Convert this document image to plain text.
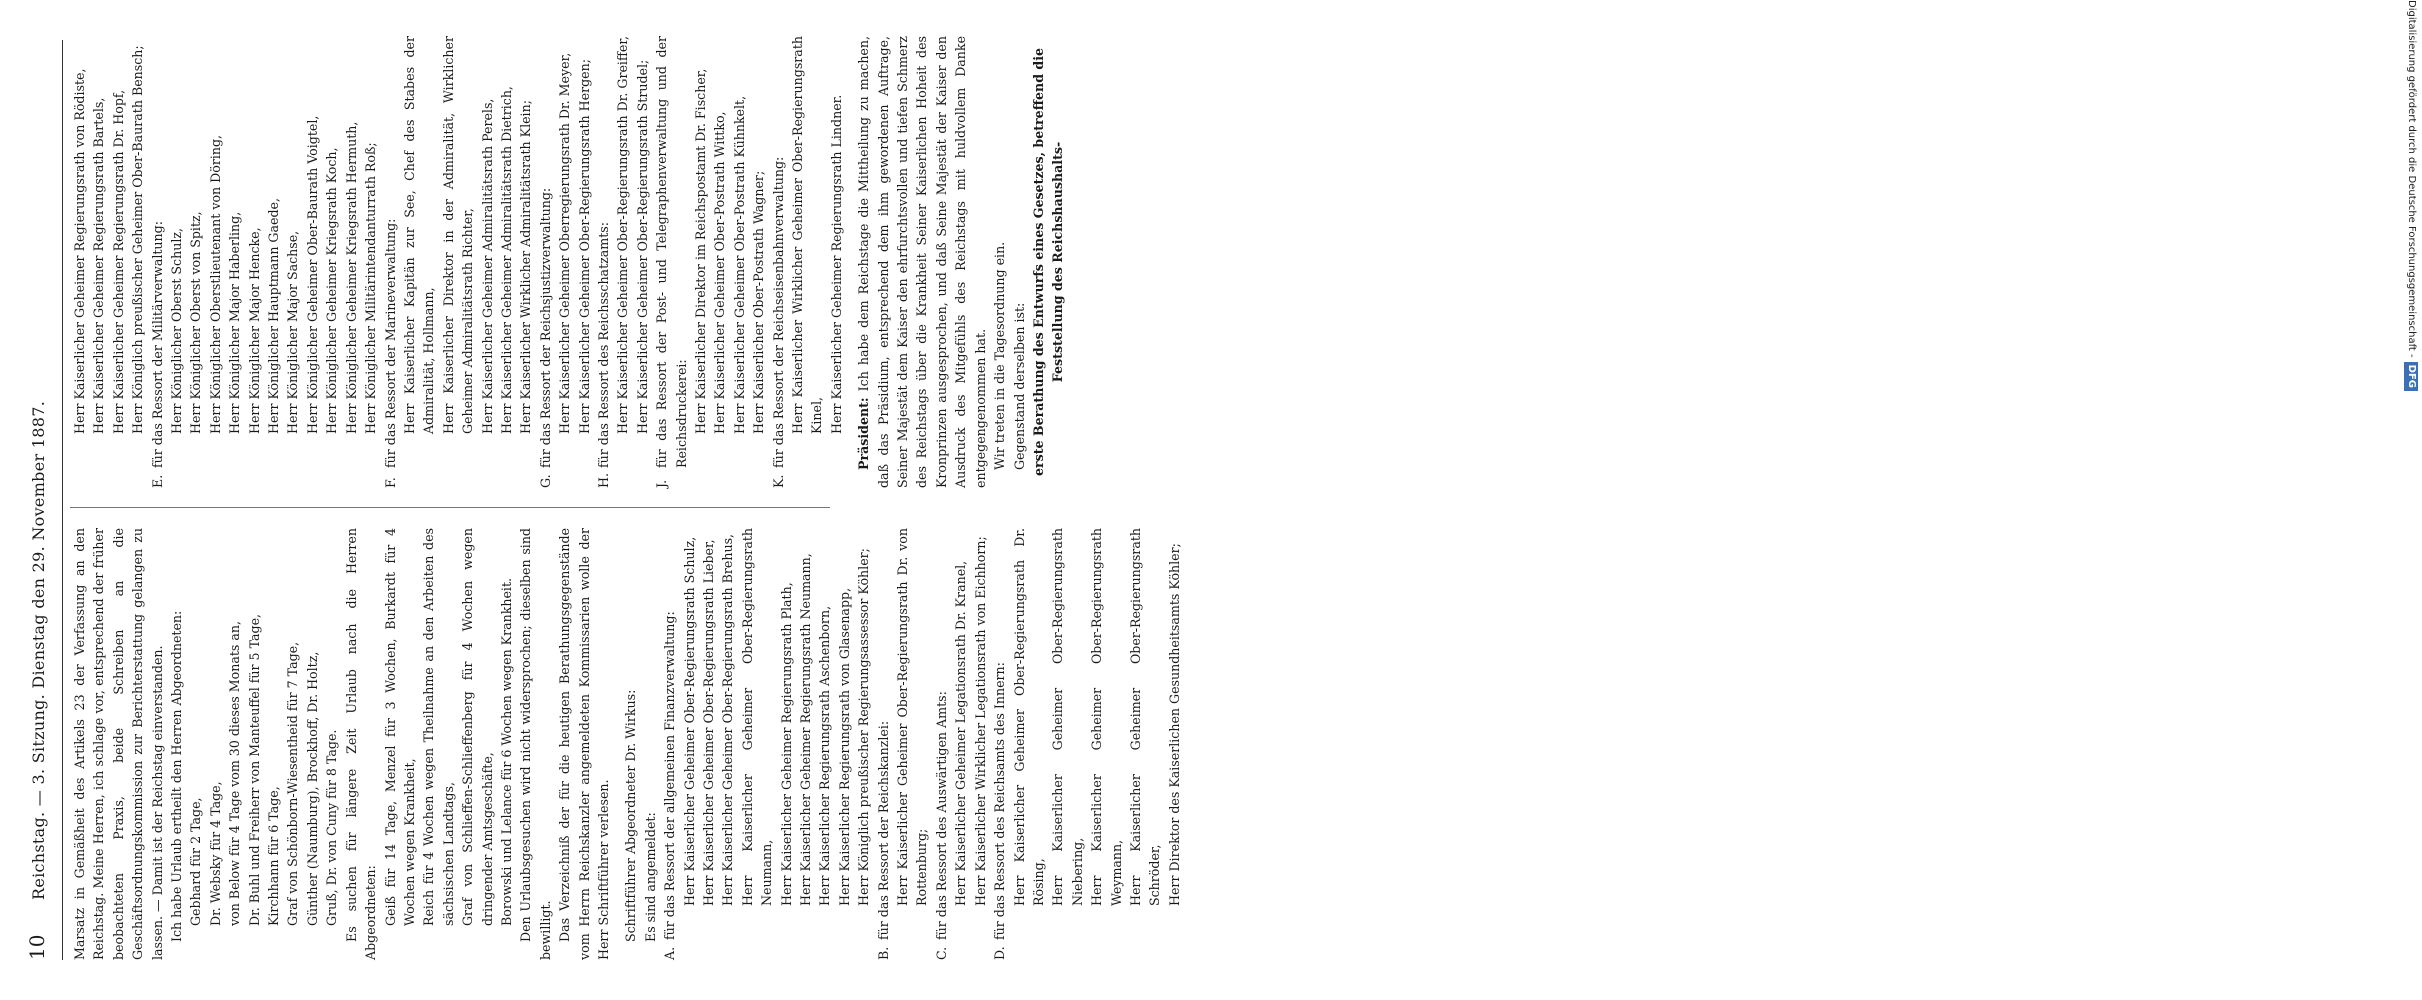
10
Reichstag. — 3. Sitzung. Dienstag den 29. November 1887. Marsatz in Gemäßheit des Artikels 23 der Verfassung an den Reichstag. Meine Herren, ich schlage vor, entsprechend der früher beobachteten Praxis, beide Schreiben an die Geschäftsordnungskommission zur Berichterstattung gelangen zu lassen. — Damit ist der Reichstag einverstanden. Ich habe Urlaub ertheilt den Herren Abgeordneten: Gebhard für 2 Tage, Dr. Websky für 4 Tage, von Below für 4 Tage vom 30 dieses Monats an, Dr. Buhl und Freiherr von Manteuffel für 5 Tage, Kirchhann für 6 Tage, Graf von Schönborn-Wiesentheid für 7 Tage, Günther (Naumburg), Brockhoff, Dr. Holtz, Gruß, Dr. von Cuny für 8 Tage. Es suchen für längere Zeit Urlaub nach die Herren Abgeordneten: Geiß für 14 Tage, Menzel für 3 Wochen, Burkardt für 4 Wochen wegen Krankheit, Reich für 4 Wochen wegen Theilnahme an den Arbeiten des sächsischen Landtags, Graf von Schlieffen-Schlieffenberg für 4 Wochen wegen dringender Amtsgeschäfte, Borowski und Lelance für 6 Wochen wegen Krankheit. Den Urlaubsgesuchen wird nicht widersprochen; dieselben sind bewilligt. Das Verzeichniß der für die heutigen Berathungsgegenstände vom Herrn Reichskanzler angemeldeten Kommissarien wolle der Herr Schriftführer verlesen. Schriftführer Abgeordneter Dr. Wirkus: Es sind angemeldet:

A.für das Ressort der allgemeinen Finanzverwaltung: Herr Kaiserlicher Geheimer Ober-Regierungsrath Schulz, Herr Kaiserlicher Geheimer Ober-Regierungsrath Lieber, Herr Kaiserlicher Geheimer Ober-Regierungsrath Brehus, Herr Kaiserlicher Geheimer Ober-Regierungsrath Neumann, Herr Kaiserlicher Geheimer Regierungsrath Plath, Herr Kaiserlicher Geheimer Regierungsrath Neumann, Herr Kaiserlicher Regierungsrath Aschenborn, Herr Kaiserlicher Regierungsrath von Glasenapp, Herr Königlich preußischer Regierungsassessor Köhler;

B.für das Ressort der Reichskanzlei: Herr Kaiserlicher Geheimer Ober-Regierungsrath Dr. von Rottenburg;

C.für das Ressort des Auswärtigen Amts: Herr Kaiserlicher Geheimer Legationsrath Dr. Kranel, Herr Kaiserlicher Wirklicher Legationsrath von Eichhorn;

D.für das Ressort des Reichsamts des Innern: Herr Kaiserlicher Geheimer Ober-Regierungsrath Dr. Rösing, Herr Kaiserlicher Geheimer Ober-Regierungsrath Niebering, Herr Kaiserlicher Geheimer Ober-Regierungsrath Weymann, Herr Kaiserlicher Geheimer Ober-Regierungsrath Schröder, Herr Direktor des Kaiserlichen Gesundheitsamts Köhler;

Herr Kaiserlicher Geheimer Regierungsrath von Rödiste, Herr Kaiserlicher Geheimer Regierungsrath Bartels, Herr Kaiserlicher Geheimer Regierungsrath Dr. Hopf, Herr Königlich preußischer Geheimer Ober-Baurath Bensch;

E.für das Ressort der Militärverwaltung: Herr Königlicher Oberst Schulz, Herr Königlicher Oberst von Spitz, Herr Königlicher Oberstlieutenant von Döring, Herr Königlicher Major Haberling, Herr Königlicher Major Hencke, Herr Königlicher Hauptmann Gaede, Herr Königlicher Major Sachse, Herr Königlicher Geheimer Ober-Baurath Voigtel, Herr Königlicher Geheimer Kriegsrath Koch, Herr Königlicher Geheimer Kriegsrath Hermuth, Herr Königlicher Militärintendanturrath Roß;

F.für das Ressort der Marineverwaltung: Herr Kaiserlicher Kapitän zur See, Chef des Stabes der Admiralität, Hollmann, Herr Kaiserlicher Direktor in der Admiralität, Wirklicher Geheimer Admiralitätsrath Richter, Herr Kaiserlicher Geheimer Admiralitätsrath Perels, Herr Kaiserlicher Geheimer Admiralitätsrath Dietrich, Herr Kaiserlicher Wirklicher Admiralitätsrath Klein;

G.für das Ressort der Reichsjustizverwaltung: Herr Kaiserlicher Geheimer Oberregierungsrath Dr. Meyer, Herr Kaiserlicher Geheimer Ober-Regierungsrath Hergen;

H.für das Ressort des Reichsschatzamts: Herr Kaiserlicher Geheimer Ober-Regierungsrath Dr. Greiffer, Herr Kaiserlicher Geheimer Ober-Regierungsrath Strudel;

J.für das Ressort der Post- und Telegraphenverwaltung und der Reichsdruckerei: Herr Kaiserlicher Direktor im Reichspostamt Dr. Fischer, Herr Kaiserlicher Geheimer Ober-Postrath Wittko, Herr Kaiserlicher Geheimer Ober-Postrath Kühnkelt, Herr Kaiserlicher Ober-Postrath Wagner;

K.für das Ressort der Reichseisenbahnverwaltung: Herr Kaiserlicher Wirklicher Geheimer Ober-Regierungsrath Kinel, Herr Kaiserlicher Geheimer Regierungsrath Lindner. Präsident: Ich habe dem Reichstage die Mittheilung zu machen, daß das Präsidium, entsprechend dem ihm gewordenen Auftrage, Seiner Majestät dem Kaiser den ehrfurchtsvollen und tiefen Schmerz des Reichstags über die Krankheit Seiner Kaiserlichen Hoheit des Kronprinzen ausgesprochen, und daß Seine Majestät der Kaiser den Ausdruck des Mitgefühls des Reichstags mit huldvollem Danke entgegengenommen hat. Wir treten in die Tagesordnung ein. Gegenstand derselben ist: erste Berathung des Entwurfs eines Gesetzes, betreffend die Feststellung des Reichshaushalts-	Digitalisierung gefördert durch die Deutsche Forschungsgemeinschaft -DFG
